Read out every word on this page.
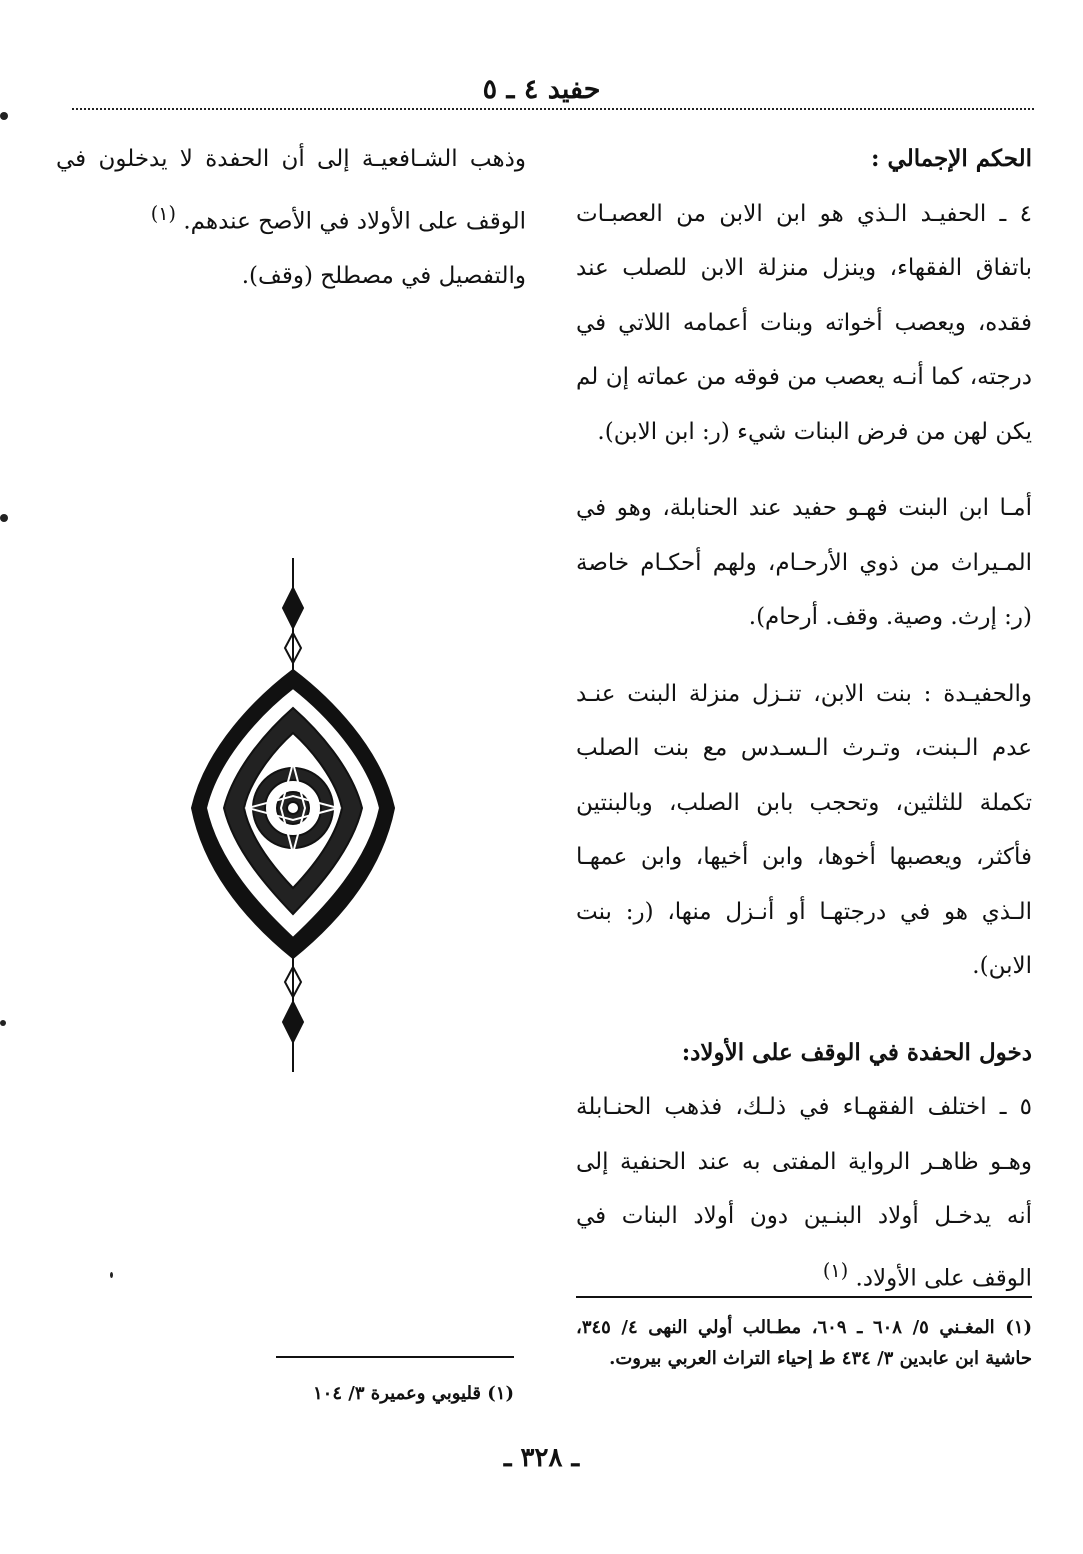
حفيد ٤ ـ ٥

الحكم الإجمالي :

٤ ـ الحفيـد الـذي هو ابن الابن من العصبـات باتفاق الفقهاء، وينزل منزلة الابن للصلب عند فقده، ويعصب أخواته وبنات أعمامه اللاتي في درجته، كما أنـه يعصب من فوقه من عماته إن لم يكن لهن من فرض البنات شيء (ر: ابن الابن).

أمـا ابن البنت فهـو حفيد عند الحنابلة، وهو في المـيراث من ذوي الأرحـام، ولهم أحكـام خاصة (ر: إرث. وصية. وقف. أرحام).

والحفيـدة : بنت الابن، تنـزل منزلة البنت عنـد عدم الـبنت، وتـرث الـسـدس مع بنت الصلب تكملة للثلثين، وتحجب بابن الصلب، وبالبنتين فأكثر، ويعصبها أخوها، وابن أخيها، وابن عمهـا الـذي هو في درجتهـا أو أنـزل منها، (ر: بنت الابن).

دخول الحفدة في الوقف على الأولاد:

٥ ـ اختلف الفقهـاء في ذلـك، فذهب الحنـابلة وهـو ظاهـر الرواية المفتى به عند الحنفية إلى أنه يدخـل أولاد البنـين دون أولاد البنات في الوقف على الأولاد. $^{(١)}$

وذهب الشـافعيـة إلى أن الحفدة لا يدخلون في الوقف على الأولاد في الأصح عندهم. $^{(١)}$

والتفصيل في مصطلح (وقف).

(١) المغـني ٥/ ٦٠٨ ـ ٦٠٩، مطـالب أولي النهى ٤/ ٣٤٥، حاشية ابن عابدين ٣/ ٤٣٤ ط إحياء التراث العربي بيروت.
(١) قليوبي وعميرة ٣/ ١٠٤
ـ ٣٢٨ ـ
